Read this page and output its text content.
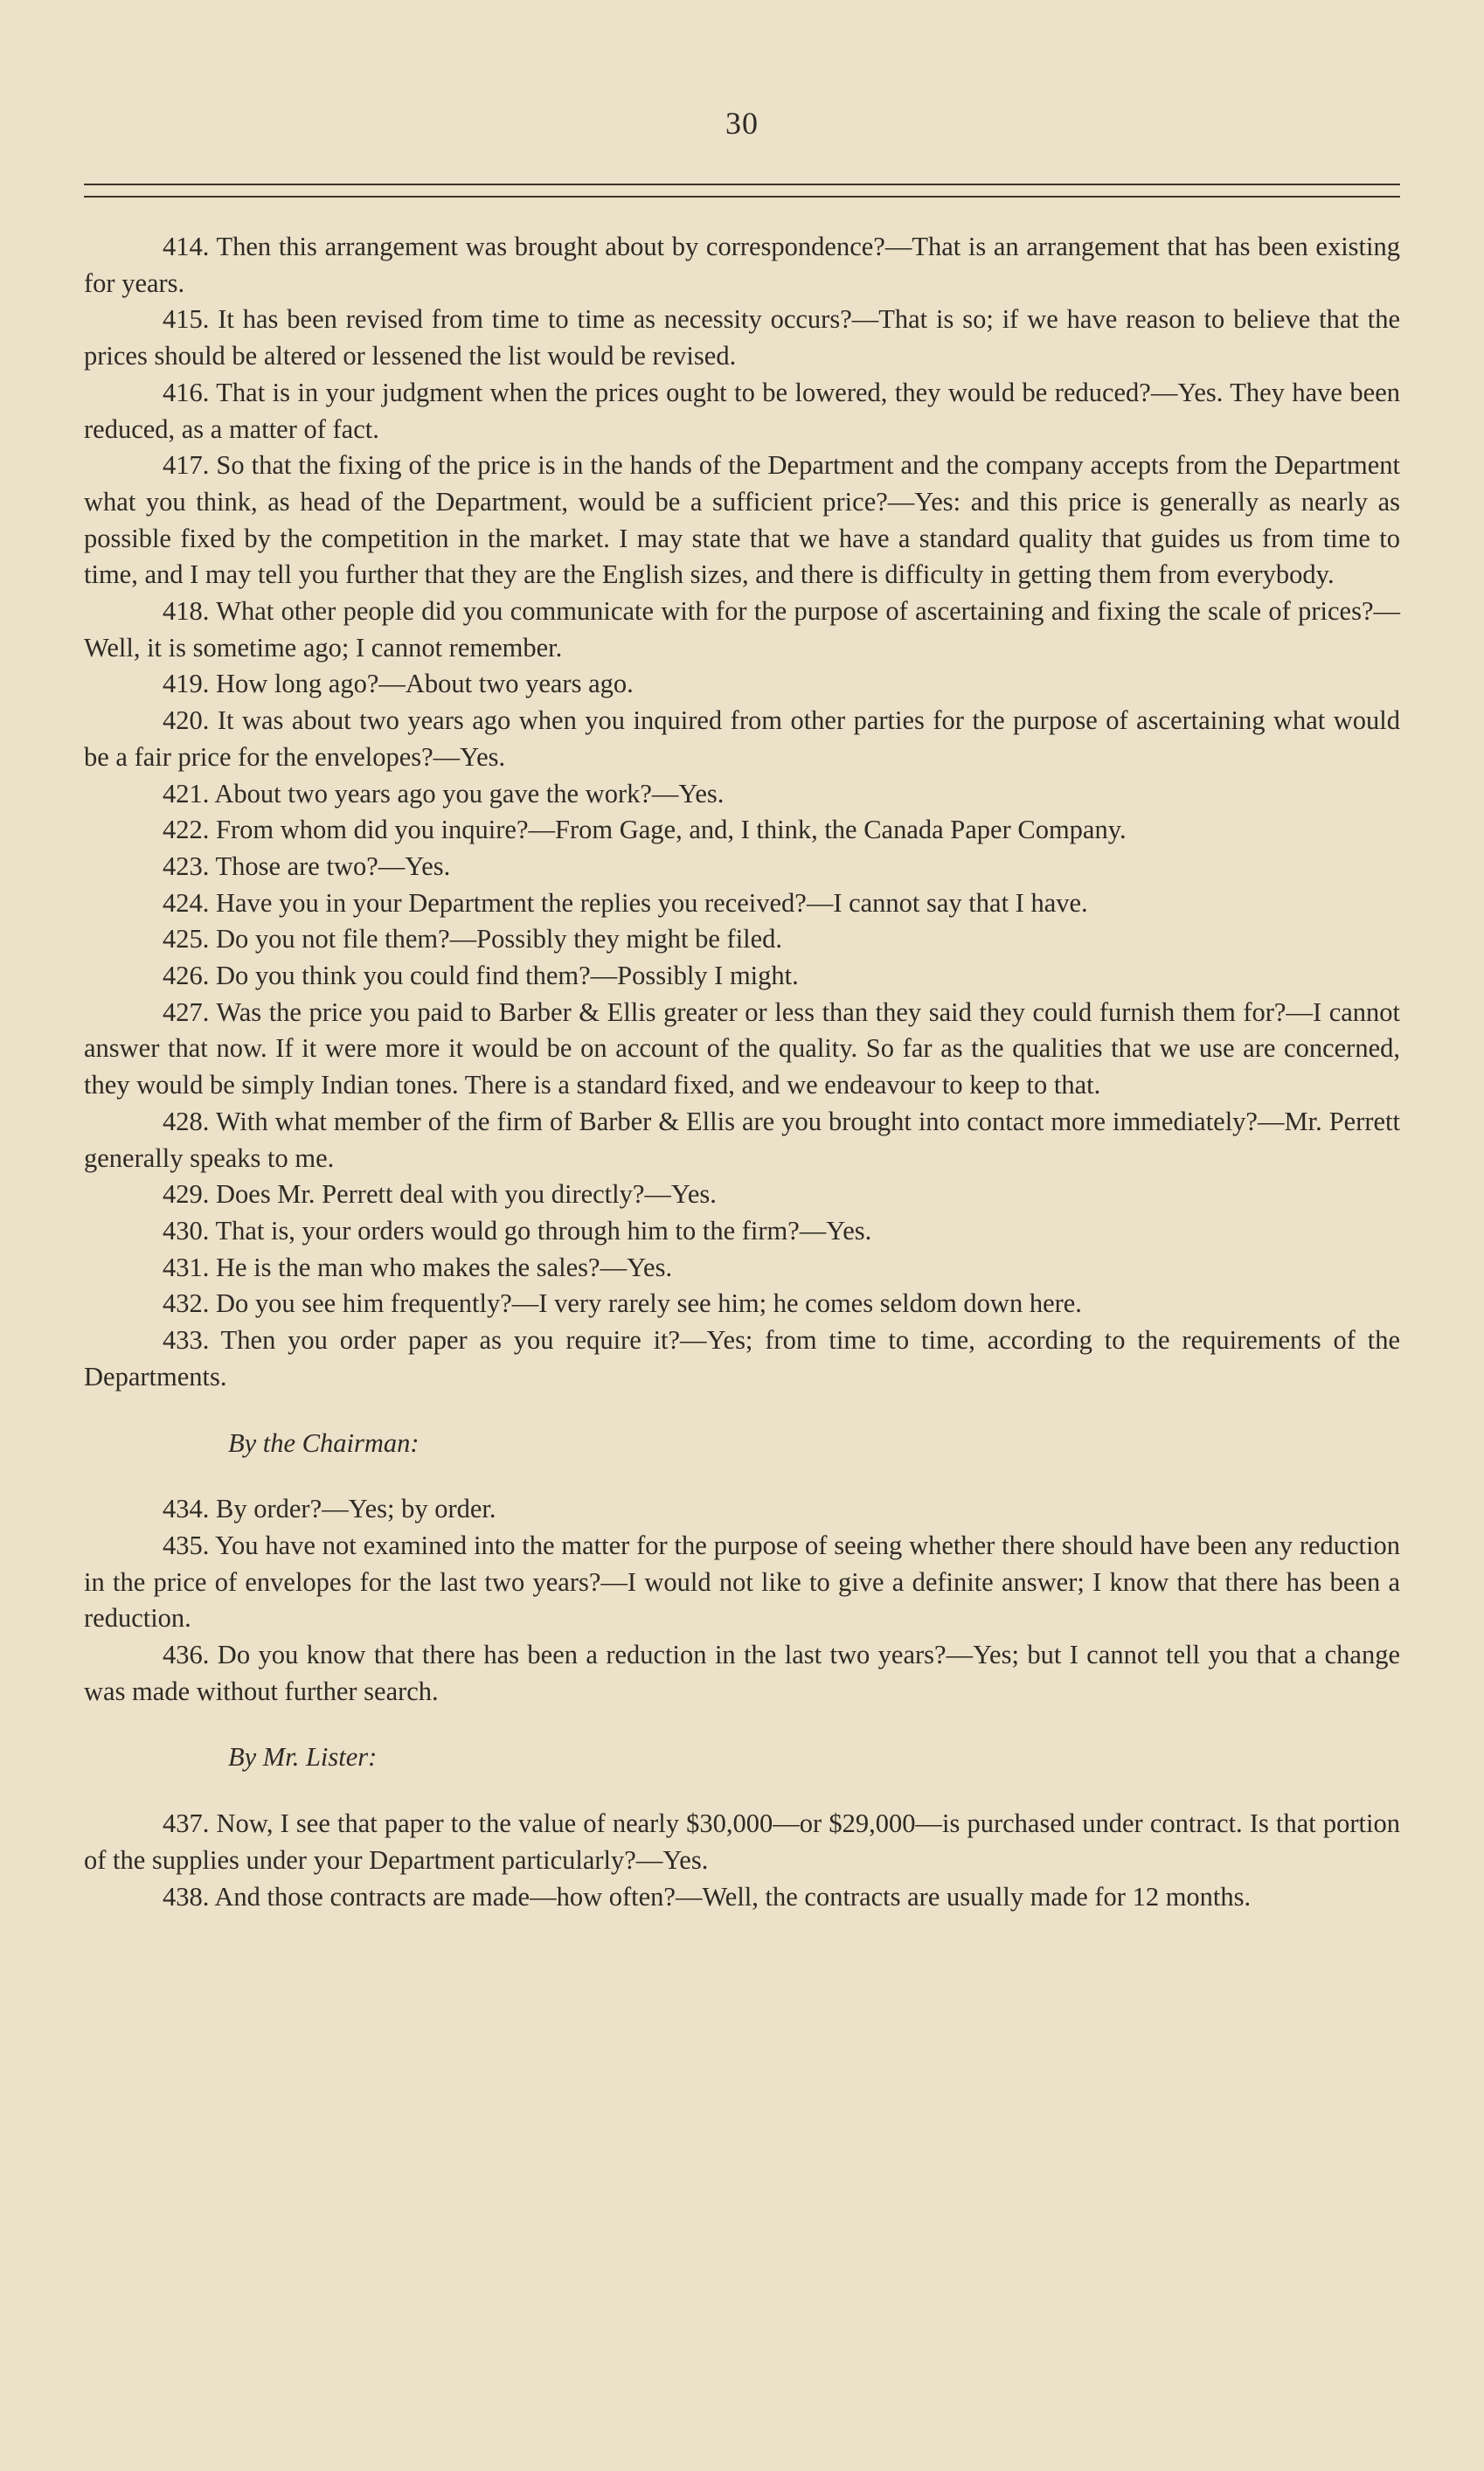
30

414. Then this arrangement was brought about by correspondence?—That is an arrangement that has been existing for years.

415. It has been revised from time to time as necessity occurs?—That is so; if we have reason to believe that the prices should be altered or lessened the list would be revised.

416. That is in your judgment when the prices ought to be lowered, they would be reduced?—Yes. They have been reduced, as a matter of fact.

417. So that the fixing of the price is in the hands of the Department and the company accepts from the Department what you think, as head of the Department, would be a sufficient price?—Yes: and this price is generally as nearly as possible fixed by the competition in the market. I may state that we have a standard quality that guides us from time to time, and I may tell you further that they are the English sizes, and there is difficulty in getting them from everybody.

418. What other people did you communicate with for the purpose of ascertaining and fixing the scale of prices?—Well, it is sometime ago; I cannot remember.

419. How long ago?—About two years ago.

420. It was about two years ago when you inquired from other parties for the purpose of ascertaining what would be a fair price for the envelopes?—Yes.

421. About two years ago you gave the work?—Yes.

422. From whom did you inquire?—From Gage, and, I think, the Canada Paper Company.

423. Those are two?—Yes.

424. Have you in your Department the replies you received?—I cannot say that I have.

425. Do you not file them?—Possibly they might be filed.

426. Do you think you could find them?—Possibly I might.

427. Was the price you paid to Barber & Ellis greater or less than they said they could furnish them for?—I cannot answer that now. If it were more it would be on account of the quality. So far as the qualities that we use are concerned, they would be simply Indian tones. There is a standard fixed, and we endeavour to keep to that.

428. With what member of the firm of Barber & Ellis are you brought into contact more immediately?—Mr. Perrett generally speaks to me.

429. Does Mr. Perrett deal with you directly?—Yes.

430. That is, your orders would go through him to the firm?—Yes.

431. He is the man who makes the sales?—Yes.

432. Do you see him frequently?—I very rarely see him; he comes seldom down here.

433. Then you order paper as you require it?—Yes; from time to time, according to the requirements of the Departments.

By the Chairman:

434. By order?—Yes; by order.

435. You have not examined into the matter for the purpose of seeing whether there should have been any reduction in the price of envelopes for the last two years?—I would not like to give a definite answer; I know that there has been a reduction.

436. Do you know that there has been a reduction in the last two years?—Yes; but I cannot tell you that a change was made without further search.

By Mr. Lister:

437. Now, I see that paper to the value of nearly $30,000—or $29,000—is purchased under contract. Is that portion of the supplies under your Department particularly?—Yes.

438. And those contracts are made—how often?—Well, the contracts are usually made for 12 months.
